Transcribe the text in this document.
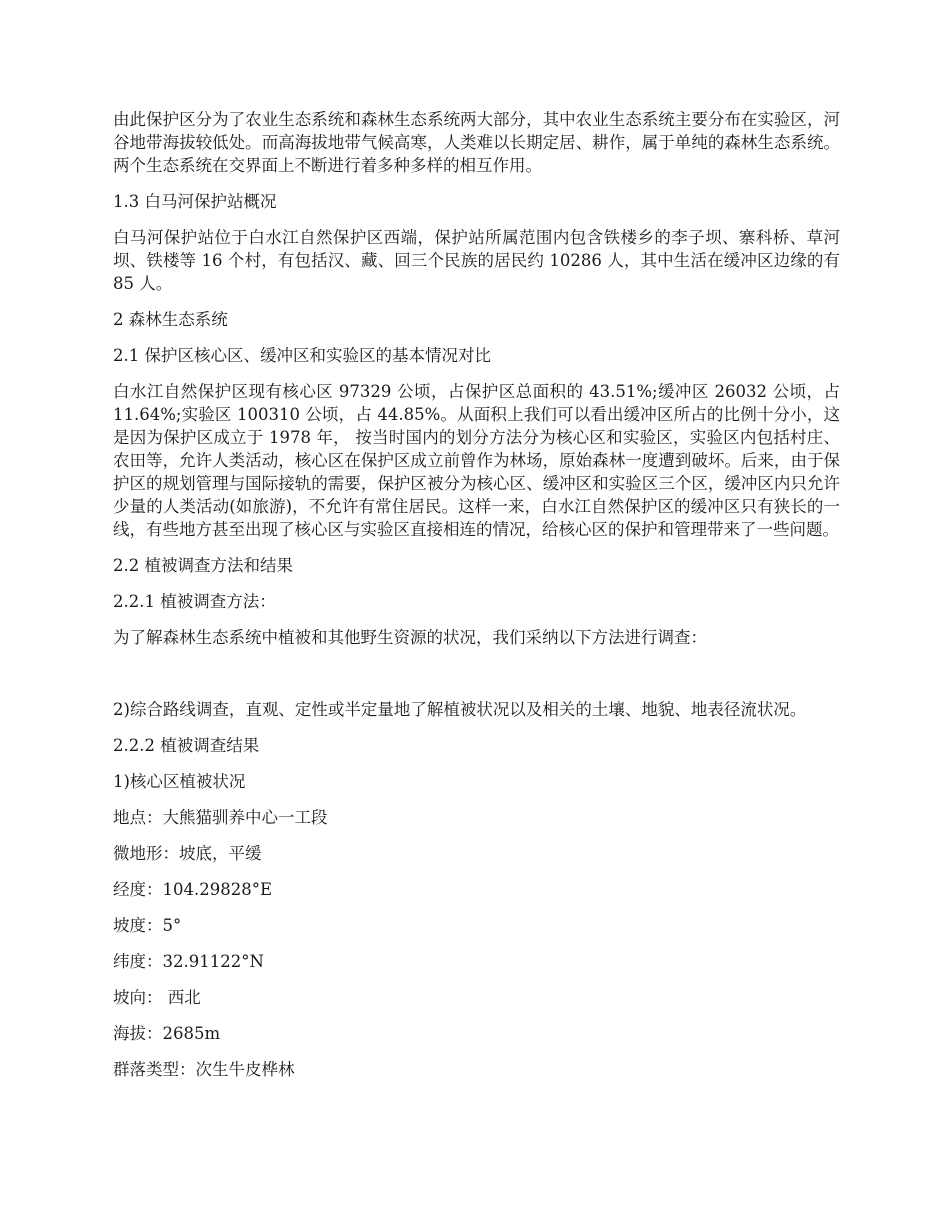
由此保护区分为了农业生态系统和森林生态系统两大部分，其中农业生态系统主要分布在实验区，河谷地带海拔较低处。而高海拔地带气候高寒，人类难以长期定居、耕作，属于单纯的森林生态系统。两个生态系统在交界面上不断进行着多种多样的相互作用。

1.3 白马河保护站概况

白马河保护站位于白水江自然保护区西端，保护站所属范围内包含铁楼乡的李子坝、寨科桥、草河坝、铁楼等 16 个村，有包括汉、藏、回三个民族的居民约 10286 人，其中生活在缓冲区边缘的有 85 人。

2 森林生态系统

2.1 保护区核心区、缓冲区和实验区的基本情况对比

白水江自然保护区现有核心区 97329 公顷，占保护区总面积的 43.51%;缓冲区 26032 公顷，占 11.64%;实验区 100310 公顷，占 44.85%。从面积上我们可以看出缓冲区所占的比例十分小，这是因为保护区成立于 1978 年， 按当时国内的划分方法分为核心区和实验区，实验区内包括村庄、农田等，允许人类活动，核心区在保护区成立前曾作为林场，原始森林一度遭到破坏。后来，由于保护区的规划管理与国际接轨的需要，保护区被分为核心区、缓冲区和实验区三个区，缓冲区内只允许少量的人类活动(如旅游)，不允许有常住居民。这样一来，白水江自然保护区的缓冲区只有狭长的一线，有些地方甚至出现了核心区与实验区直接相连的情况，给核心区的保护和管理带来了一些问题。

2.2 植被调查方法和结果

2.2.1 植被调查方法：

为了解森林生态系统中植被和其他野生资源的状况，我们采纳以下方法进行调查：

2)综合路线调查，直观、定性或半定量地了解植被状况以及相关的土壤、地貌、地表径流状况。

2.2.2 植被调查结果

1)核心区植被状况

地点：大熊猫驯养中心一工段

微地形：坡底，平缓

经度：104.29828°E

坡度：5°

纬度：32.91122°N

坡向： 西北

海拔：2685m

群落类型：次生牛皮桦林
